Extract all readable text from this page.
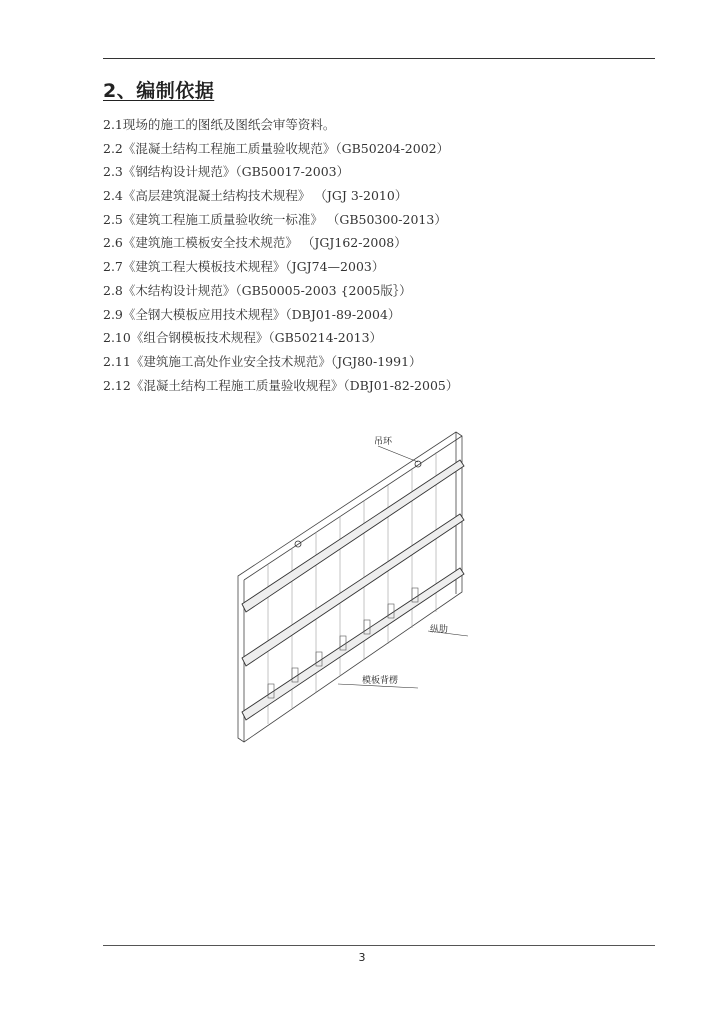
2、编制依据
2.1现场的施工的图纸及图纸会审等资料。
2.2《混凝土结构工程施工质量验收规范》（GB50204-2002）
2.3《钢结构设计规范》（GB50017-2003）
2.4《高层建筑混凝土结构技术规程》 （JGJ 3-2010）
2.5《建筑工程施工质量验收统一标准》 （GB50300-2013）
2.6《建筑施工模板安全技术规范》 （JGJ162-2008）
2.7《建筑工程大模板技术规程》（JGJ74—2003）
2.8《木结构设计规范》（GB50005-2003 {2005版｝）
2.9《全钢大模板应用技术规程》（DBJ01-89-2004）
2.10《组合钢模板技术规程》（GB50214-2013）
2.11《建筑施工高处作业安全技术规范》（JGJ80-1991）
2.12《混凝土结构工程施工质量验收规程》（DBJ01-82-2005）
吊环
纵肋
模板背楞
3
